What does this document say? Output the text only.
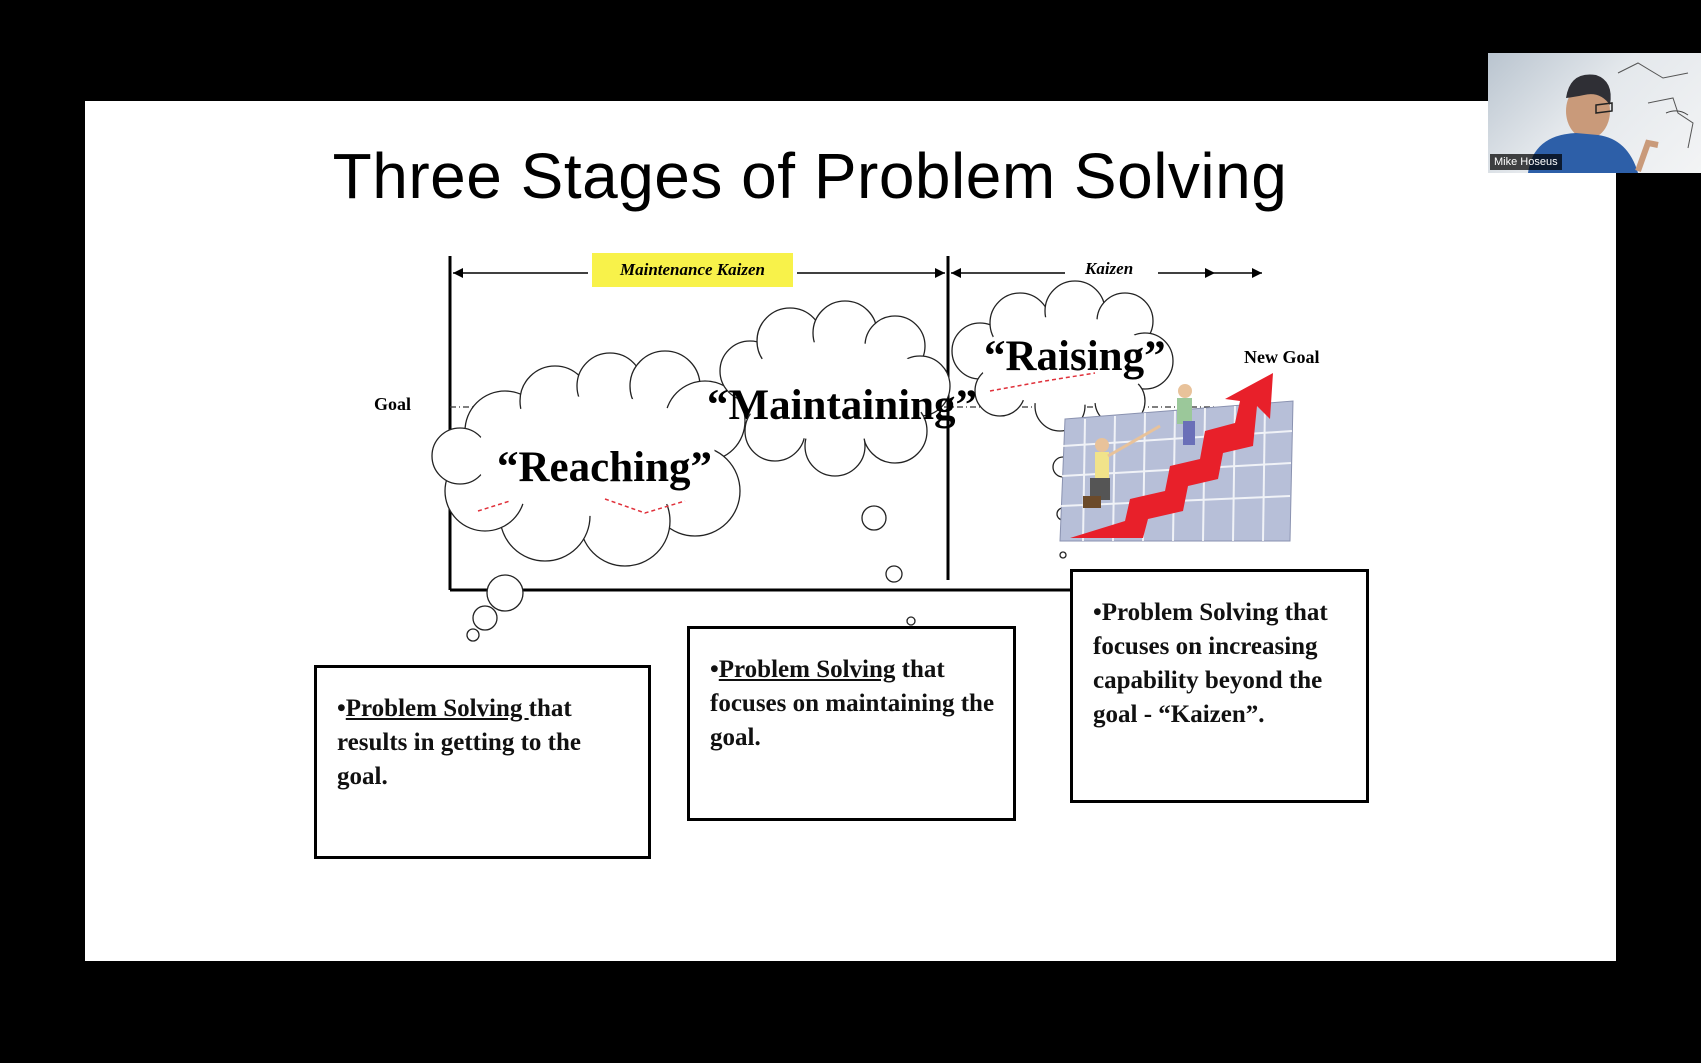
Three Stages of Problem Solving
Maintenance Kaizen	Kaizen
Goal
New Goal
“Reaching”
“Maintaining”
“Raising”
•Problem Solving that results in getting to the goal.
•Problem Solving that focuses on maintaining the goal.
•Problem Solving that focuses on increasing capability beyond the goal - “Kaizen”.
Mike Hoseus
